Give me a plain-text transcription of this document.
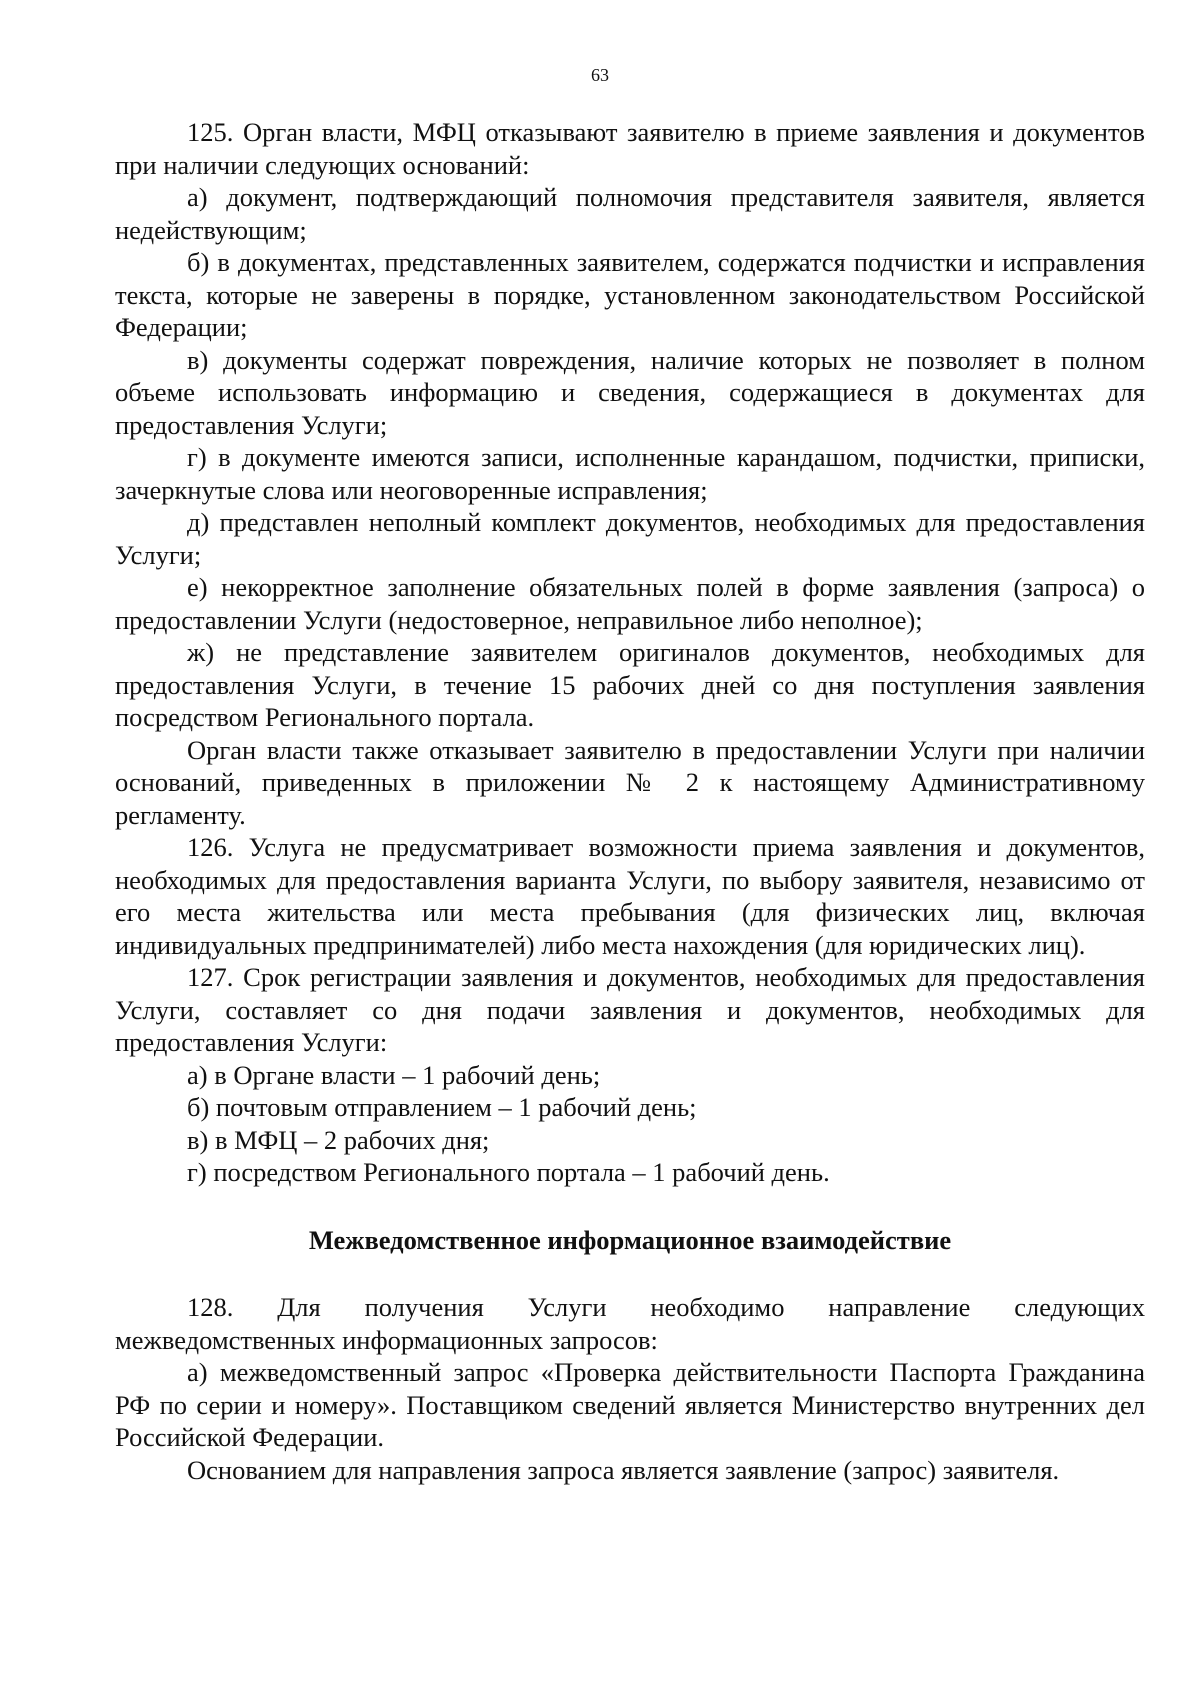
63

125. Орган власти, МФЦ отказывают заявителю в приеме заявления и документов при наличии следующих оснований:

а) документ, подтверждающий полномочия представителя заявителя, является недействующим;

б) в документах, представленных заявителем, содержатся подчистки и исправления текста, которые не заверены в порядке, установленном законодательством Российской Федерации;

в) документы содержат повреждения, наличие которых не позволяет в полном объеме использовать информацию и сведения, содержащиеся в документах для предоставления Услуги;

г) в документе имеются записи, исполненные карандашом, подчистки, приписки, зачеркнутые слова или неоговоренные исправления;

д) представлен неполный комплект документов, необходимых для предоставления Услуги;

е) некорректное заполнение обязательных полей в форме заявления (запроса) о предоставлении Услуги (недостоверное, неправильное либо неполное);

ж) не представление заявителем оригиналов документов, необходимых для предоставления Услуги, в течение 15 рабочих дней со дня поступления заявления посредством Регионального портала.

Орган власти также отказывает заявителю в предоставлении Услуги при наличии оснований, приведенных в приложении № 2 к настоящему Административному регламенту.

126. Услуга не предусматривает возможности приема заявления и документов, необходимых для предоставления варианта Услуги, по выбору заявителя, независимо от его места жительства или места пребывания (для физических лиц, включая индивидуальных предпринимателей) либо места нахождения (для юридических лиц).

127. Срок регистрации заявления и документов, необходимых для предоставления Услуги, составляет со дня подачи заявления и документов, необходимых для предоставления Услуги:

а) в Органе власти – 1 рабочий день;

б) почтовым отправлением – 1 рабочий день;

в) в МФЦ – 2 рабочих дня;

г) посредством Регионального портала – 1 рабочий день.

Межведомственное информационное взаимодействие

128. Для получения Услуги необходимо направление следующих межведомственных информационных запросов:

а) межведомственный запрос «Проверка действительности Паспорта Гражданина РФ по серии и номеру». Поставщиком сведений является Министерство внутренних дел Российской Федерации.

Основанием для направления запроса является заявление (запрос) заявителя.
